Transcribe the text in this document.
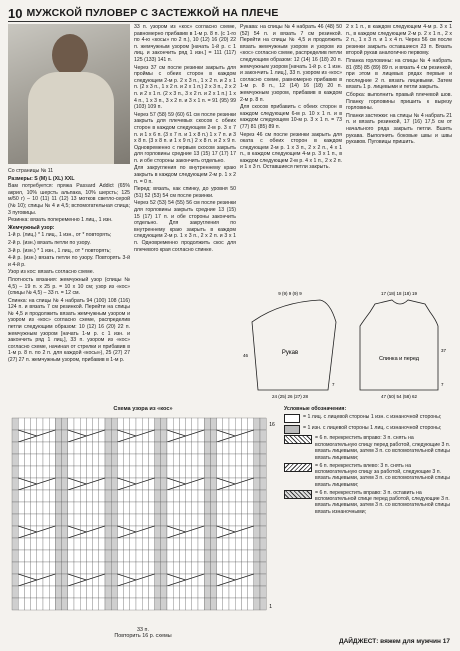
10 МУЖСКОЙ ПУЛОВЕР С ЗАСТЕЖКОЙ НА ПЛЕЧЕ

Со страницы № 11

Размеры: S (M) L (XL) XXL

Вам потребуется: пряжа Passard Addict (65% акрил, 10% шерсть альпака, 10% шерсть; 125 м/50 г) – 10 (11) 11 (12) 13 мотков светло-серой (№ 10); спицы № 4 и 4,5; вспомогательная спица; 3 пуговицы.

Резинка: вязать попеременно 1 лиц., 1 изн.

Жемчужный узор:

1-й р. (лиц.) * 1 лиц., 1 изн., от * повторять;

2-й р. (изн.) вязать петли по узору.

3-й р. (изн.) * 1 изн., 1 лиц., от * повторять;

4-й р. (изн.) вязать петли по узору. Повторять 3-й и 4-й р.

Узор из кос: вязать согласно схеме.

Плотность вязания: жемчужный узор (спицы № 4,5) – 19 п. x 25 р. = 10 x 10 см; узор из «кос» (спицы № 4,5) – 33 п. = 12 см.

Спинка: на спицы № 4 набрать 94 (100) 108 (116) 124 п. и вязать 7 см резинкой. Перейти на спицы № 4,5 и продолжить вязать жемчужным узором и узором из «кос» согласно схеме, распределив петли следующим образом: 10 (12) 16 (20) 22 п. жемчужным узором [начать 1-м р. с 1 изн. и закончить ряд 1 лиц.], 33 п. узором из «кос» согласно схеме, начиная от стрелки и прибавив в 1-м р. 8 п. по 2 п. для каждой «косы»), 25 (27) 27 (27) 27 п. жемчужным узором, прибавив в 1-м р.

33 п. узором из «кос» согласно схеме, равномерно прибавив в 1-м р. 8 п. (с 1-го по 4-ю «косы» по 2 п.), 10 (12) 16 (20) 22 п. жемчужным узором [начать 1-й р. с 1 лиц. и закончить ряд 1 изн.] = 111 (117) 125 (133) 141 п.

Через 37 см после резинки закрыть для проймы с обеих сторон в каждом следующем 2-м р. 2 x 3 п., 1 x 2 п. и 2 x 1 п. (2 x 3 п., 1 x 2 п. и 2 x 1 п.) 2 x 3 п., 2 x 2 п. и 2 x 1 п. (2 x 3 п., 3 x 2 п. и 2 x 1 п.) 1 x 4 п., 1 x 3 п., 3 x 2 п. и 3 x 1 п. = 91 (95) 99 (103) 109 п.

Через 57 (58) 59 (60) 61 см после резинки закрыть для плечевых скосов с обеих сторон в каждом следующем 2-м р. 3 x 7 п. и 1 x 6 п. (3 x 7 п. и 1 x 8 п.) 1 x 7 п. и 3 x 8 п. (3 x 8 п. и 1 x 9 п.) 2 x 8 п. и 2 x 9 п. Одновременно с первым скосом закрыть для горловины средние 13 (15) 17 (17) 17 п. и обе стороны закончить отдельно.

Для закругления по внутреннему краю закрыть в каждом следующем 2-м р. 1 x 2 п. = 0 п.

Перед: вязать, как спинку, до уровня 50 (51) 52 (53) 54 см после резинки.

Через 52 (53) 54 (55) 56 см после резинки для горловины закрыть средние 13 (15) 15 (17) 17 п. и обе стороны закончить отдельно. Для закругления по внутреннему краю закрыть в каждом следующем 2-м р. 1 x 3 п., 2 x 2 п. и 3 x 1 п. Одновременно продолжить скос для плечевого края согласно спинке.

Рукава: на спицы № 4 набрать 46 (48) 50 (52) 54 п. и вязать 7 см резинкой. Перейти на спицы № 4,5 и продолжить вязать жемчужным узором и узором из «кос» согласно схеме, распределив петли следующим образом: 12 (14) 16 (18) 20 п. жемчужным узором [начать 1-й р. с 1 изн. и закончить 1 лиц.], 33 п. узором из «кос» согласно схеме, равномерно прибавив в 1-м р. 8 п., 12 (14) 16 (18) 20 п. жемчужным узором, прибавив в каждом 2-м р. 8 п.

Для скосов прибавить с обеих сторон в каждом следующем 6-м р. 10 x 1 п. и в каждом следующем 10-м р. 3 x 1 п. = 73 (77) 81 (85) 89 п.

Через 46 см после резинки закрыть для оката с обеих сторон в каждом следующем 2-м р. 1 x 3 п., 2 x 2 п., 4 x 1 п., в каждом следующем 4-м р. 3 x 1 п., в каждом следующем 2-м р. 4 x 1 п., 2 x 2 п. и 1 x 3 п. Оставшиеся петли закрыть.

2 x 1 п., в каждом следующем 4-м р. 3 x 1 п., в каждом следующем 2-м р. 2 x 1 п., 2 x 2 п., 1 x 3 п. и 1 x 4 п. Через 56 см после резинки закрыть оставшиеся 23 п. Вязать второй рукав аналогично первому.

Планка горловины: на спицы № 4 набрать 81 (85) 85 (89) 89 п. и вязать 4 см резинкой, при этом в лицевых рядах первые и последние 2 п. вязать лицевыми. Затем вязать 1 р. лицевыми и петли закрыть.

Сборка: выполнить правый плечевой шов. Планку горловины пришить к вырезу горловины.

Планки застежки: на спицы № 4 набрать 21 п. и вязать резинкой, 17 (16) 17,5 см от начального ряда закрыть петли. Вшить рукава. Выполнить боковые швы и швы рукавов. Пуговицы пришить.

Рукав
24 (25) 26 (27) 28
9 (9) 9 (9) 9
46
7
Спинка и перед
47 (50) 54 (58) 62
17 (18) 18 (18) 19
37
7
Схема узора из «кос»
16
1
33 п.
Повторить 16 р. схемы
Условные обозначения:
= 1 лиц. с лицевой стороны 1 изн. с изнаночной стороны;
= 1 изн. с лицевой стороны 1 лиц. с изнаночной стороны;
= 6 п. перекрестить вправо: 3 п. снять на вспомогательную спицу перед работой, следующие 3 п. вязать лицевыми, затем 3 п. со вспомогательной спицы вязать лицевыми;
= 6 п. перекрестить влево: 3 п. снять на вспомогательную спицу за работой, следующие 3 п. вязать лицевыми, затем 3 п. со вспомогательной спицы вязать лицевыми;
= 6 п. перекрестить вправо: 3 п. оставить на вспомогательной спице перед работой, следующие 3 п. вязать лицевыми, затем 3 п. со вспомогательной спицы вязать изнаночными;
ДАЙДЖЕСТ: вяжем для мужчин 17
